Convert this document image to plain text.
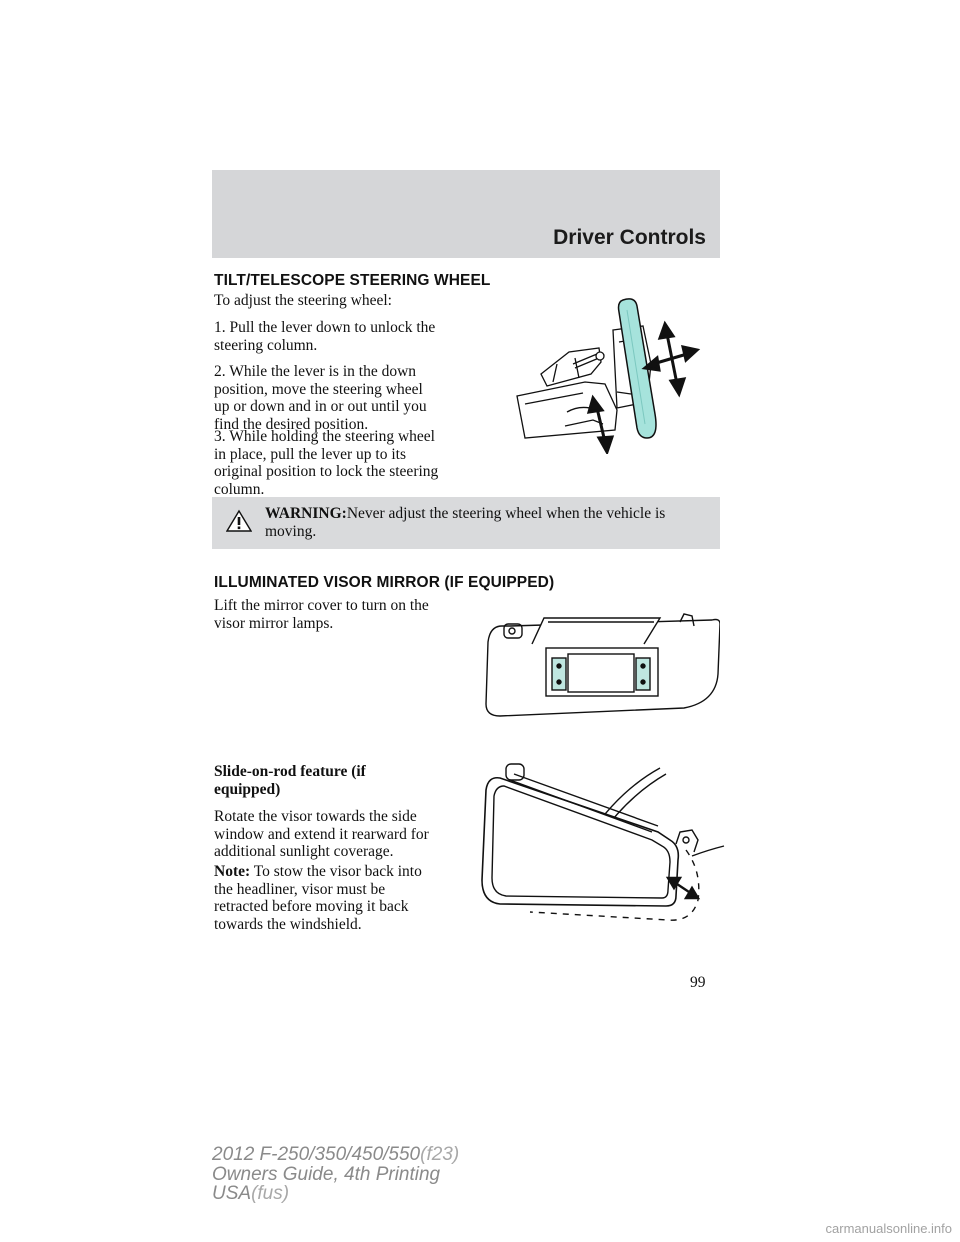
Driver Controls
TILT/TELESCOPE STEERING WHEEL

To adjust the steering wheel:

1. Pull the lever down to unlock the
steering column.

2. While the lever is in the down
position, move the steering wheel
up or down and in or out until you
find the desired position.

3. While holding the steering wheel
in place, pull the lever up to its
original position to lock the steering
column.

WARNING:Never adjust the steering wheel when the vehicle is
moving.

ILLUMINATED VISOR MIRROR (IF EQUIPPED)

Lift the mirror cover to turn on the
visor mirror lamps.

Slide-on-rod feature (if
equipped)

Rotate the visor towards the side
window and extend it rearward for
additional sunlight coverage.

Note: To stow the visor back into
the headliner, visor must be
retracted before moving it back
towards the windshield.

99
2012 F-250/350/450/550(f23)
Owners Guide, 4th Printing
USA(fus)
carmanualsonline.info
